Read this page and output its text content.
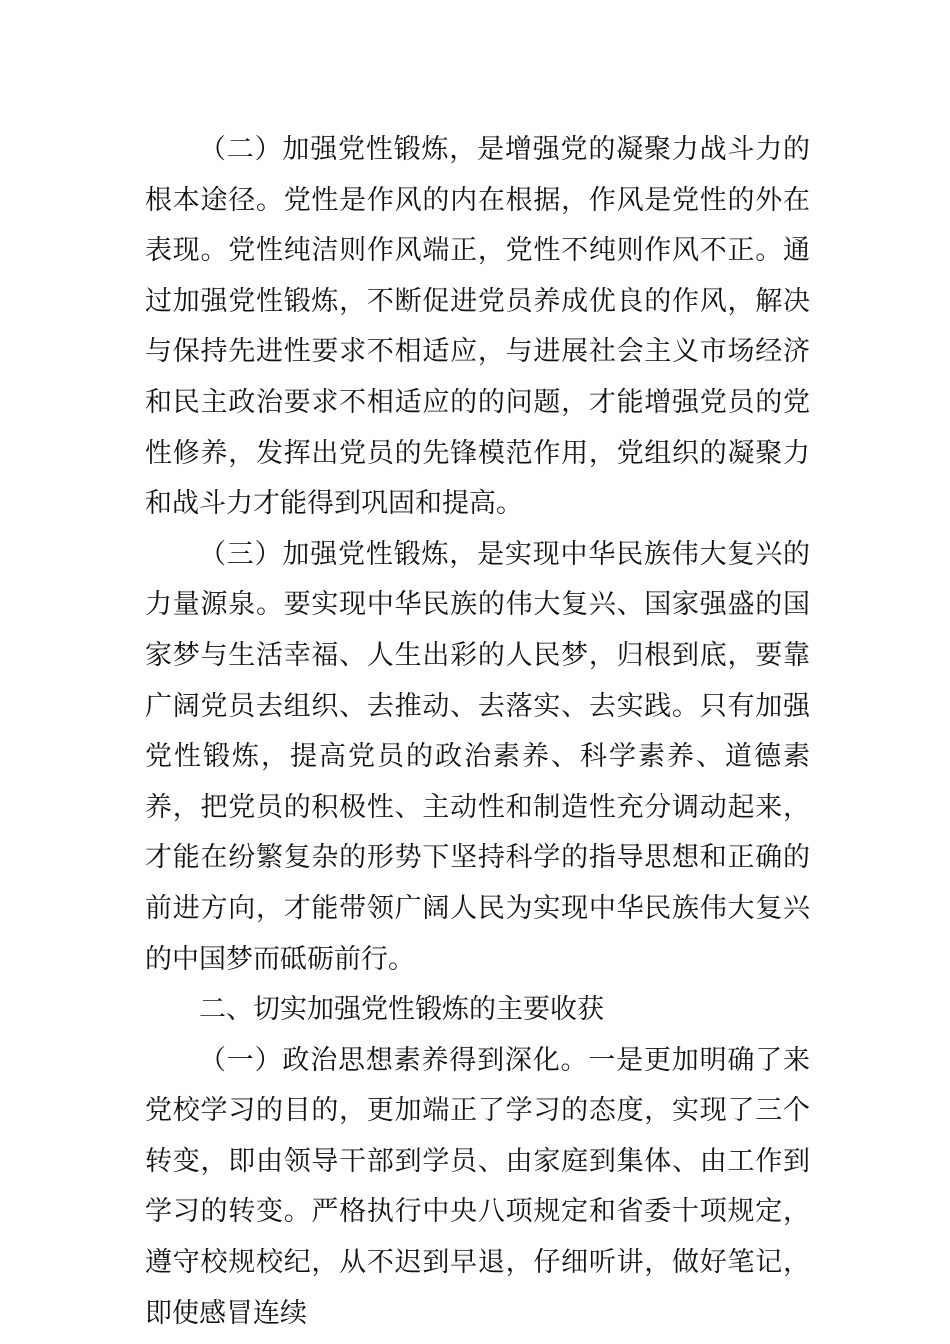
（二）加强党性锻炼，是增强党的凝聚力战斗力的根本途径。党性是作风的内在根据，作风是党性的外在表现。党性纯洁则作风端正，党性不纯则作风不正。通过加强党性锻炼，不断促进党员养成优良的作风，解决与保持先进性要求不相适应，与进展社会主义市场经济和民主政治要求不相适应的的问题，才能增强党员的党性修养，发挥出党员的先锋模范作用，党组织的凝聚力和战斗力才能得到巩固和提高。

（三）加强党性锻炼，是实现中华民族伟大复兴的力量源泉。要实现中华民族的伟大复兴、国家强盛的国家梦与生活幸福、人生出彩的人民梦，归根到底，要靠广阔党员去组织、去推动、去落实、去实践。只有加强党性锻炼，提高党员的政治素养、科学素养、道德素养，把党员的积极性、主动性和制造性充分调动起来，才能在纷繁复杂的形势下坚持科学的指导思想和正确的前进方向，才能带领广阔人民为实现中华民族伟大复兴的中国梦而砥砺前行。

二、切实加强党性锻炼的主要收获

（一）政治思想素养得到深化。一是更加明确了来党校学习的目的，更加端正了学习的态度，实现了三个转变，即由领导干部到学员、由家庭到集体、由工作到学习的转变。严格执行中央八项规定和省委十项规定，遵守校规校纪，从不迟到早退，仔细听讲，做好笔记，即使感冒连续
